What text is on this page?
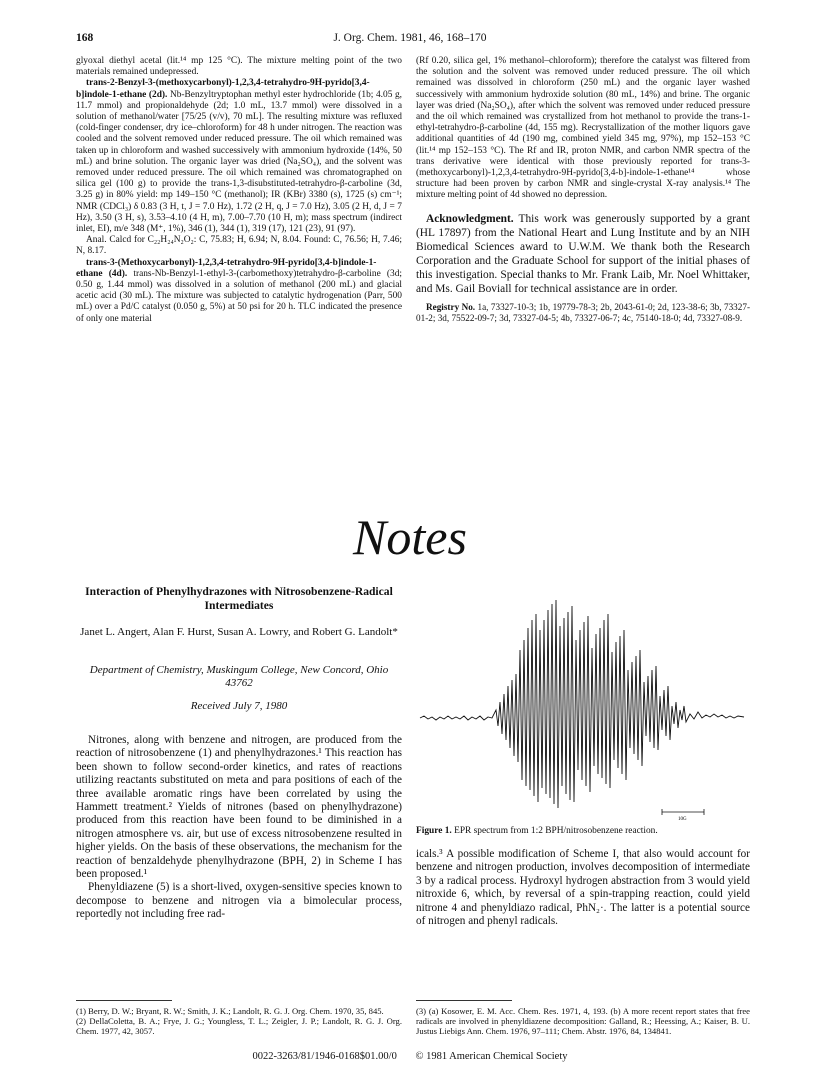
168	J. Org. Chem. 1981, 46, 168–170

glyoxal diethyl acetal (lit.¹⁴ mp 125 °C). The mixture melting point of the two materials remained undepressed.

trans-2-Benzyl-3-(methoxycarbonyl)-1,2,3,4-tetrahydro-9H-pyrido[3,4-b]indole-1-ethane (2d). Nb-Benzyltryptophan methyl ester hydrochloride (1b; 4.05 g, 11.7 mmol) and propionaldehyde (2d; 1.0 mL, 13.7 mmol) were dissolved in a solution of methanol/water [75/25 (v/v), 70 mL]. The resulting mixture was refluxed (cold-finger condenser, dry ice–chloroform) for 48 h under nitrogen. The reaction was cooled and the solvent removed under reduced pressure. The oil which remained was taken up in chloroform and washed successively with ammonium hydroxide (14%, 50 mL) and brine solution. The organic layer was dried (Na₂SO₄), and the solvent was removed under reduced pressure. The oil which remained was chromatographed on silica gel (100 g) to provide the trans-1,3-disubstituted-tetrahydro-β-carboline (3d, 3.25 g) in 80% yield: mp 149–150 °C (methanol); IR (KBr) 3380 (s), 1725 (s) cm⁻¹; NMR (CDCl₃) δ 0.83 (3 H, t, J = 7.0 Hz), 1.72 (2 H, q, J = 7.0 Hz), 3.05 (2 H, d, J = 7 Hz), 3.50 (3 H, s), 3.53–4.10 (4 H, m), 7.00–7.70 (10 H, m); mass spectrum (indirect inlet, EI), m/e 348 (M⁺, 1%), 346 (1), 344 (1), 319 (17), 121 (23), 91 (97).

Anal. Calcd for C₂₂H₂₄N₂O₂: C, 75.83; H, 6.94; N, 8.04. Found: C, 76.56; H, 7.46; N, 8.17.

trans-3-(Methoxycarbonyl)-1,2,3,4-tetrahydro-9H-pyrido[3,4-b]indole-1-ethane (4d). trans-Nb-Benzyl-1-ethyl-3-(carbomethoxy)tetrahydro-β-carboline (3d; 0.50 g, 1.44 mmol) was dissolved in a solution of methanol (200 mL) and glacial acetic acid (30 mL). The mixture was subjected to catalytic hydrogenation (Parr, 500 mL) over a Pd/C catalyst (0.050 g, 5%) at 50 psi for 20 h. TLC indicated the presence of only one material

(Rf 0.20, silica gel, 1% methanol–chloroform); therefore the catalyst was filtered from the solution and the solvent was removed under reduced pressure. The oil which remained was dissolved in chloroform (250 mL) and the organic layer washed successively with ammonium hydroxide solution (80 mL, 14%) and brine. The organic layer was dried (Na₂SO₄), after which the solvent was removed under reduced pressure and the oil which remained was crystallized from hot methanol to provide the trans-1-ethyl-tetrahydro-β-carboline (4d, 155 mg). Recrystallization of the mother liquors gave additional quantities of 4d (190 mg, combined yield 345 mg, 97%), mp 152–153 °C (lit.¹⁴ mp 152–153 °C). The Rf and IR, proton NMR, and carbon NMR spectra of the trans derivative were identical with those previously reported for trans-3-(methoxycarbonyl)-1,2,3,4-tetrahydro-9H-pyrido[3,4-b]-indole-1-ethane¹⁴ whose structure had been proven by carbon NMR and single-crystal X-ray analysis.¹⁴ The mixture melting point of 4d showed no depression.

Acknowledgment. This work was generously supported by a grant (HL 17897) from the National Heart and Lung Institute and by an NIH Biomedical Sciences award to U.W.M. We thank both the Research Corporation and the Graduate School for support of the initial phases of this investigation. Special thanks to Mr. Frank Laib, Mr. Noel Whittaker, and Ms. Gail Boviall for technical assistance are in order.
Registry No. 1a, 73327-10-3; 1b, 19779-78-3; 2b, 2043-61-0; 2d, 123-38-6; 3b, 73327-01-2; 3d, 75522-09-7; 3d, 73327-04-5; 4b, 73327-06-7; 4c, 75140-18-0; 4d, 73327-08-9.
Notes
Interaction of Phenylhydrazones with Nitrosobenzene-Radical Intermediates
Janet L. Angert, Alan F. Hurst, Susan A. Lowry, and Robert G. Landolt*
Department of Chemistry, Muskingum College, New Concord, Ohio 43762
Received July 7, 1980

Nitrones, along with benzene and nitrogen, are produced from the reaction of nitrosobenzene (1) and phenylhydrazones.¹ This reaction has been shown to follow second-order kinetics, and rates of reactions utilizing reactants substituted on meta and para positions of each of the three available aromatic rings have been correlated by using the Hammett treatment.² Yields of nitrones (based on phenylhydrazone) produced from this reaction have been found to be diminished in a nitrogen atmosphere vs. air, but use of excess nitrosobenzene resulted in higher yields. On the basis of these observations, the mechanism for the reaction of benzaldehyde phenylhydrazone (BPH, 2) in Scheme I has been proposed.¹

Phenyldiazene (5) is a short-lived, oxygen-sensitive species known to decompose to benzene and nitrogen via a bimolecular process, reportedly not including free rad-

10G
Figure 1. EPR spectrum from 1:2 BPH/nitrosobenzene reaction.

icals.³ A possible modification of Scheme I, that also would account for benzene and nitrogen production, involves decomposition of intermediate 3 by a radical process. Hydroxyl hydrogen abstraction from 3 would yield nitroxide 6, which, by reversal of a spin-trapping reaction, could yield nitrone 4 and phenyldiazo radical, PhN₂·. The latter is a potential source of nitrogen and phenyl radicals.

(1) Berry, D. W.; Bryant, R. W.; Smith, J. K.; Landolt, R. G. J. Org. Chem. 1970, 35, 845.

(2) DellaColetta, B. A.; Frye, J. G.; Youngless, T. L.; Zeigler, J. P.; Landolt, R. G. J. Org. Chem. 1977, 42, 3057.

(3) (a) Kosower, E. M. Acc. Chem. Res. 1971, 4, 193. (b) A more recent report states that free radicals are involved in phenyldiazene decomposition: Galland, R.; Heessing, A.; Kaiser, B. U. Justus Liebigs Ann. Chem. 1976, 97–111; Chem. Abstr. 1976, 84, 134841.

0022-3263/81/1946-0168$01.00/0 © 1981 American Chemical Society
